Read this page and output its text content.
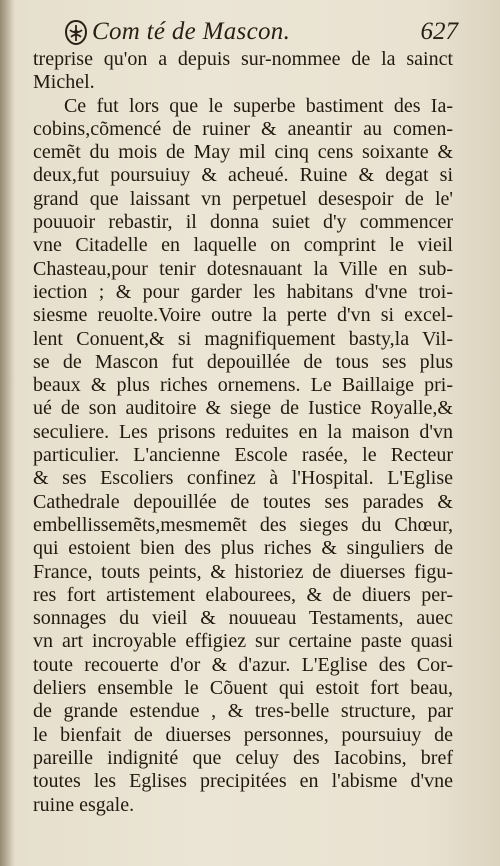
Com té de Mascon.	627
treprise qu'on a depuis sur-nommee de la sainct
Michel.
Ce fut lors que le superbe bastiment des Ia-
cobins,cõmencé de ruiner & aneantir au comen-
cemẽt du mois de May mil cinq cens soixante &
deux,fut poursuiuy & acheué. Ruine & degat si
grand que laissant vn perpetuel desespoir de le'
pouuoir rebastir, il donna suiet d'y commencer
vne Citadelle en laquelle on comprint le vieil
Chasteau,pour tenir dotesnauant la Ville en sub-
iection ; & pour garder les habitans d'vne troi-
siesme reuolte.Voire outre la perte d'vn si excel-
lent Conuent,& si magnifiquement basty,la Vil-
se de Mascon fut depouillée de tous ses plus
beaux & plus riches ornemens. Le Baillaige pri-
ué de son auditoire & siege de Iustice Royalle,&
seculiere. Les prisons reduites en la maison d'vn
particulier. L'ancienne Escole rasée, le Recteur
& ses Escoliers confinez à l'Hospital. L'Eglise
Cathedrale depouillée de toutes ses parades &
embellissemẽts,mesmemẽt des sieges du Chœur,
qui estoient bien des plus riches & singuliers de
France, touts peints, & historiez de diuerses figu-
res fort artistement elabourees, & de diuers per-
sonnages du vieil & nouueau Testaments, auec
vn art incroyable effigiez sur certaine paste quasi
toute recouerte d'or & d'azur. L'Eglise des Cor-
deliers ensemble le Cõuent qui estoit fort beau,
de grande estendue , & tres-belle structure, par
le bienfait de diuerses personnes, poursuiuy de
pareille indignité que celuy des Iacobins, bref
toutes les Eglises precipitées en l'abisme d'vne
ruine esgale.
